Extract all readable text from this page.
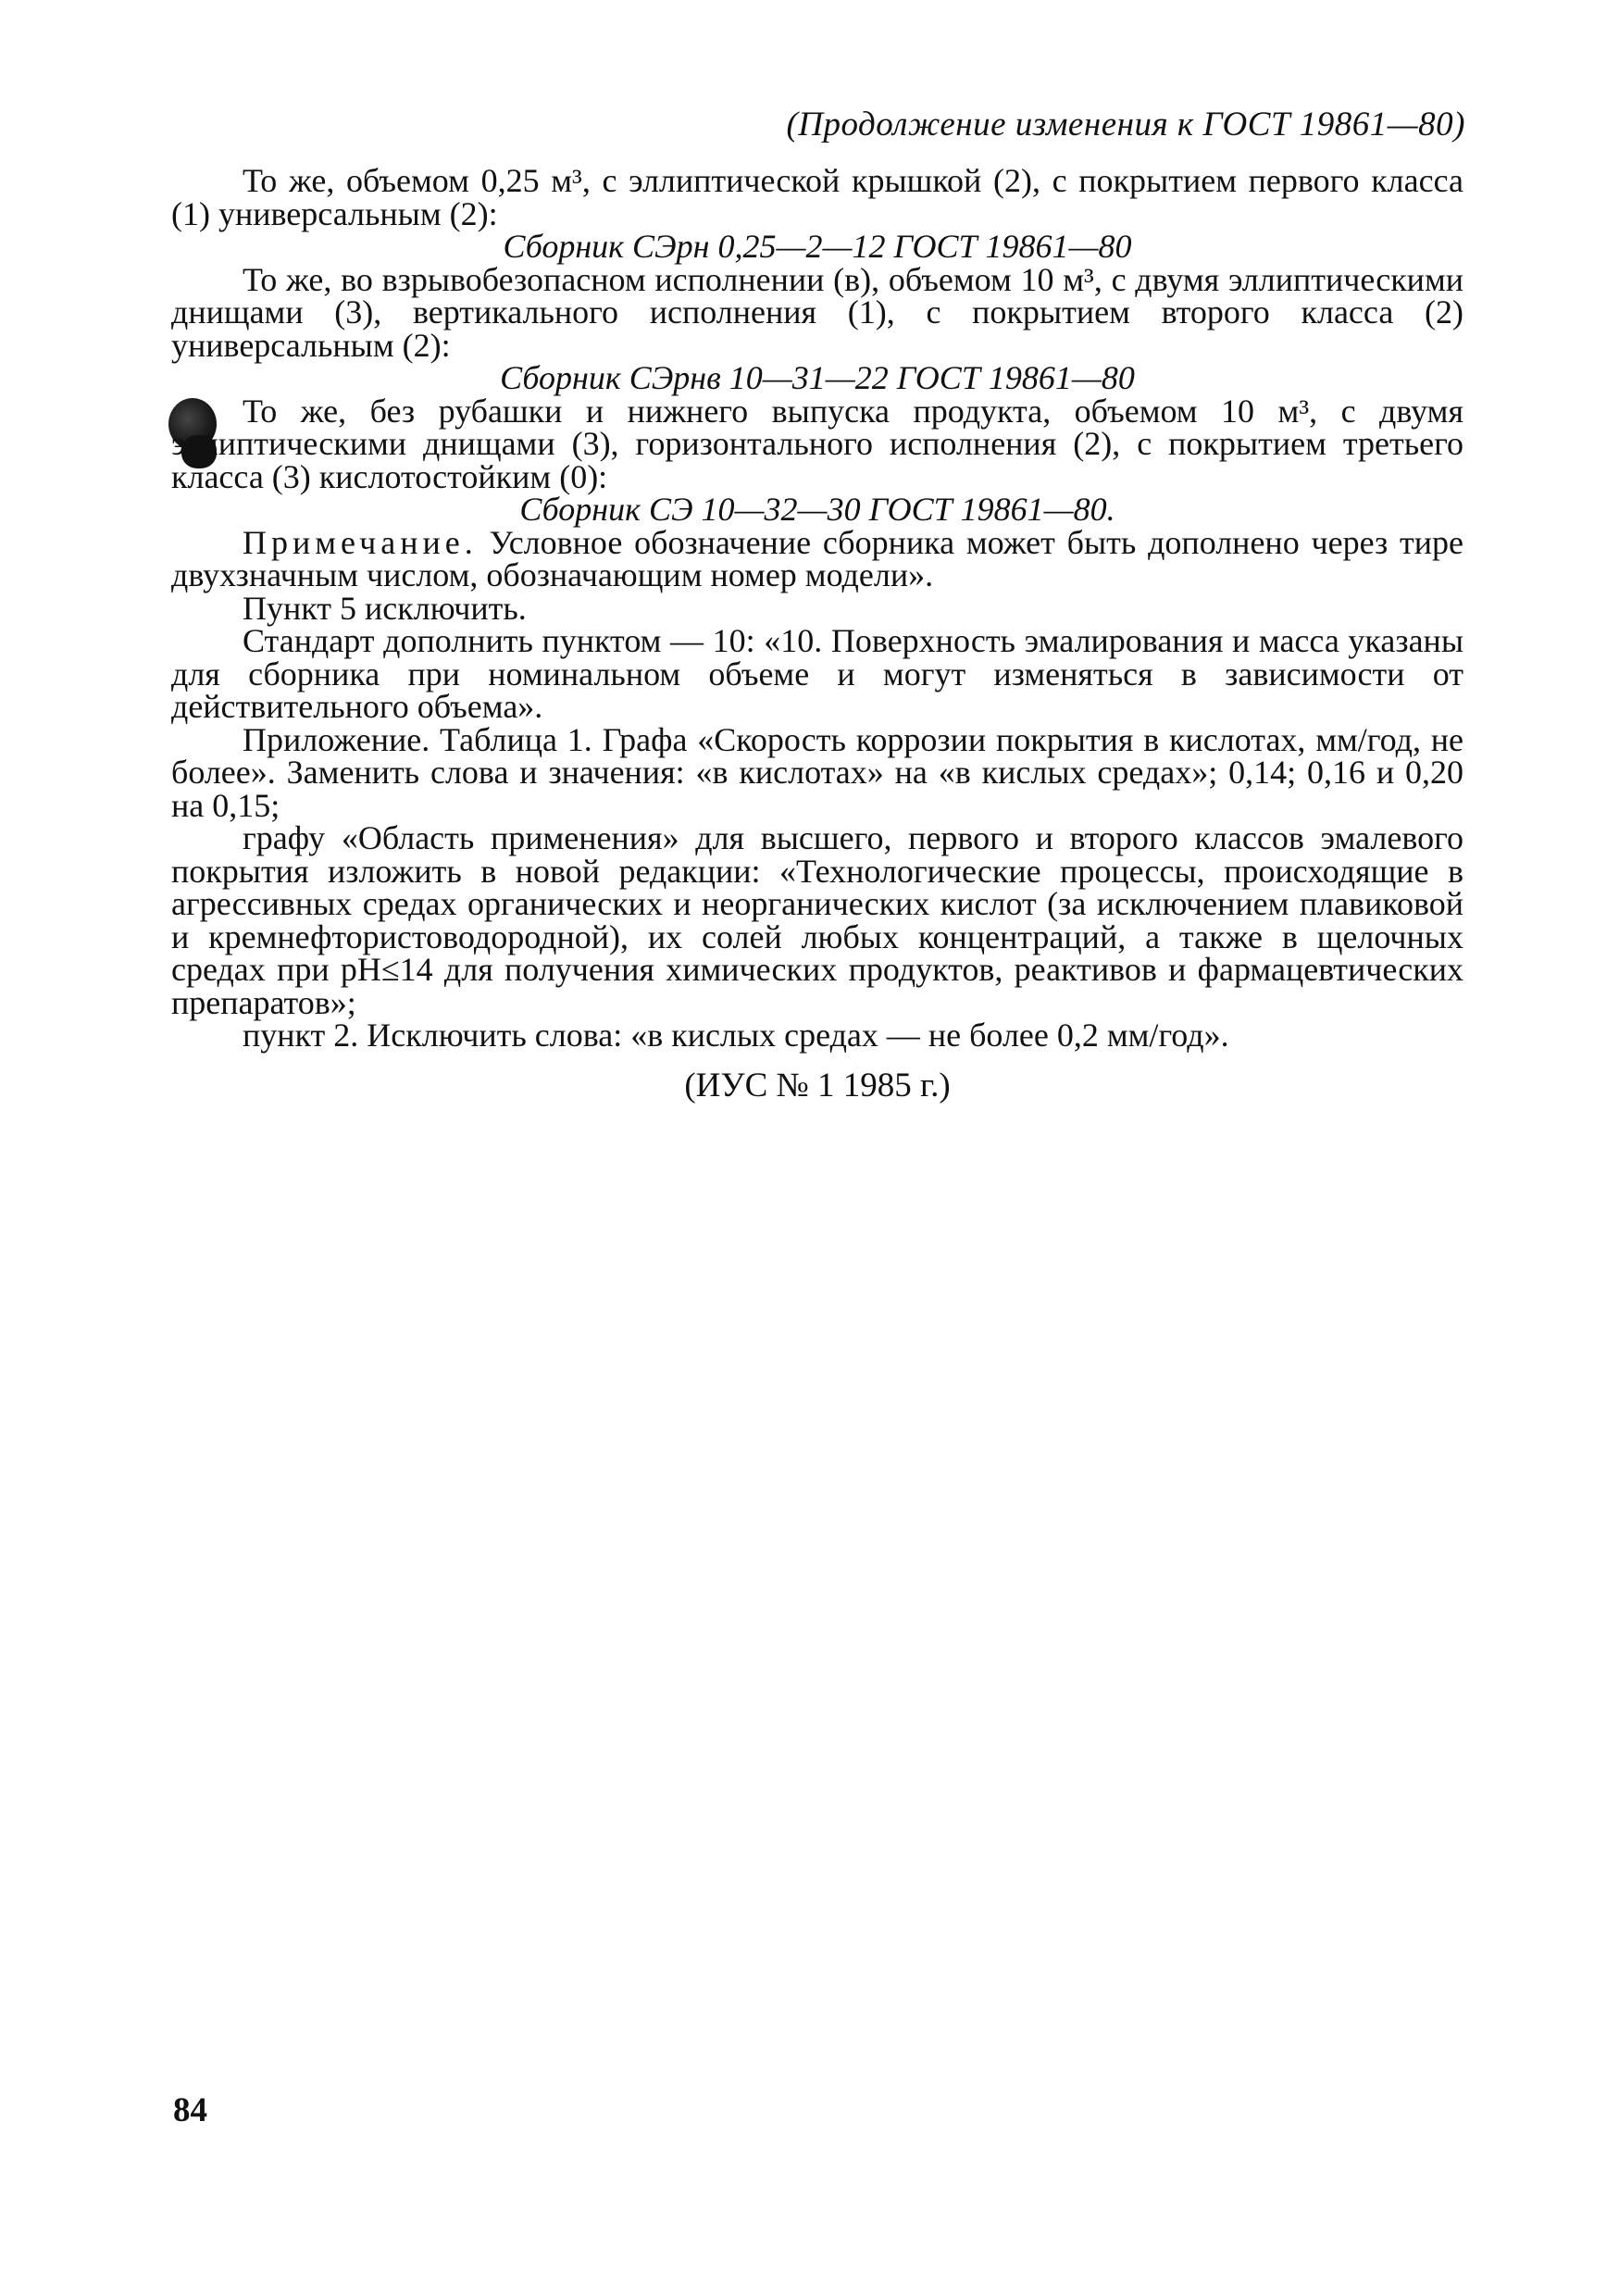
(Продолжение изменения к ГОСТ 19861—80)

То же, объемом 0,25 м³, с эллиптической крышкой (2), с покрытием первого класса (1) универсальным (2):

Сборник СЭрн 0,25—2—12 ГОСТ 19861—80

То же, во взрывобезопасном исполнении (в), объемом 10 м³, с двумя эллиптическими днищами (3), вертикального исполнения (1), с покрытием второго класса (2) универсальным (2):

Сборник СЭрнв 10—31—22 ГОСТ 19861—80

То же, без рубашки и нижнего выпуска продукта, объемом 10 м³, с двумя эллиптическими днищами (3), горизонтального исполнения (2), с покрытием третьего класса (3) кислотостойким (0):

Сборник СЭ 10—32—30 ГОСТ 19861—80.

Примечание. Условное обозначение сборника может быть дополнено через тире двухзначным числом, обозначающим номер модели».

Пункт 5 исключить.

Стандарт дополнить пунктом — 10: «10. Поверхность эмалирования и масса указаны для сборника при номинальном объеме и могут изменяться в зависимости от действительного объема».

Приложение. Таблица 1. Графа «Скорость коррозии покрытия в кислотах, мм/год, не более». Заменить слова и значения: «в кислотах» на «в кислых средах»; 0,14; 0,16 и 0,20 на 0,15;

графу «Область применения» для высшего, первого и второго классов эмалевого покрытия изложить в новой редакции: «Технологические процессы, происходящие в агрессивных средах органических и неорганических кислот (за исключением плавиковой и кремнефтористоводородной), их солей любых концентраций, а также в щелочных средах при pH≤14 для получения химических продуктов, реактивов и фармацевтических препаратов»;

пункт 2. Исключить слова: «в кислых средах — не более 0,2 мм/год».

(ИУС № 1 1985 г.)

84
